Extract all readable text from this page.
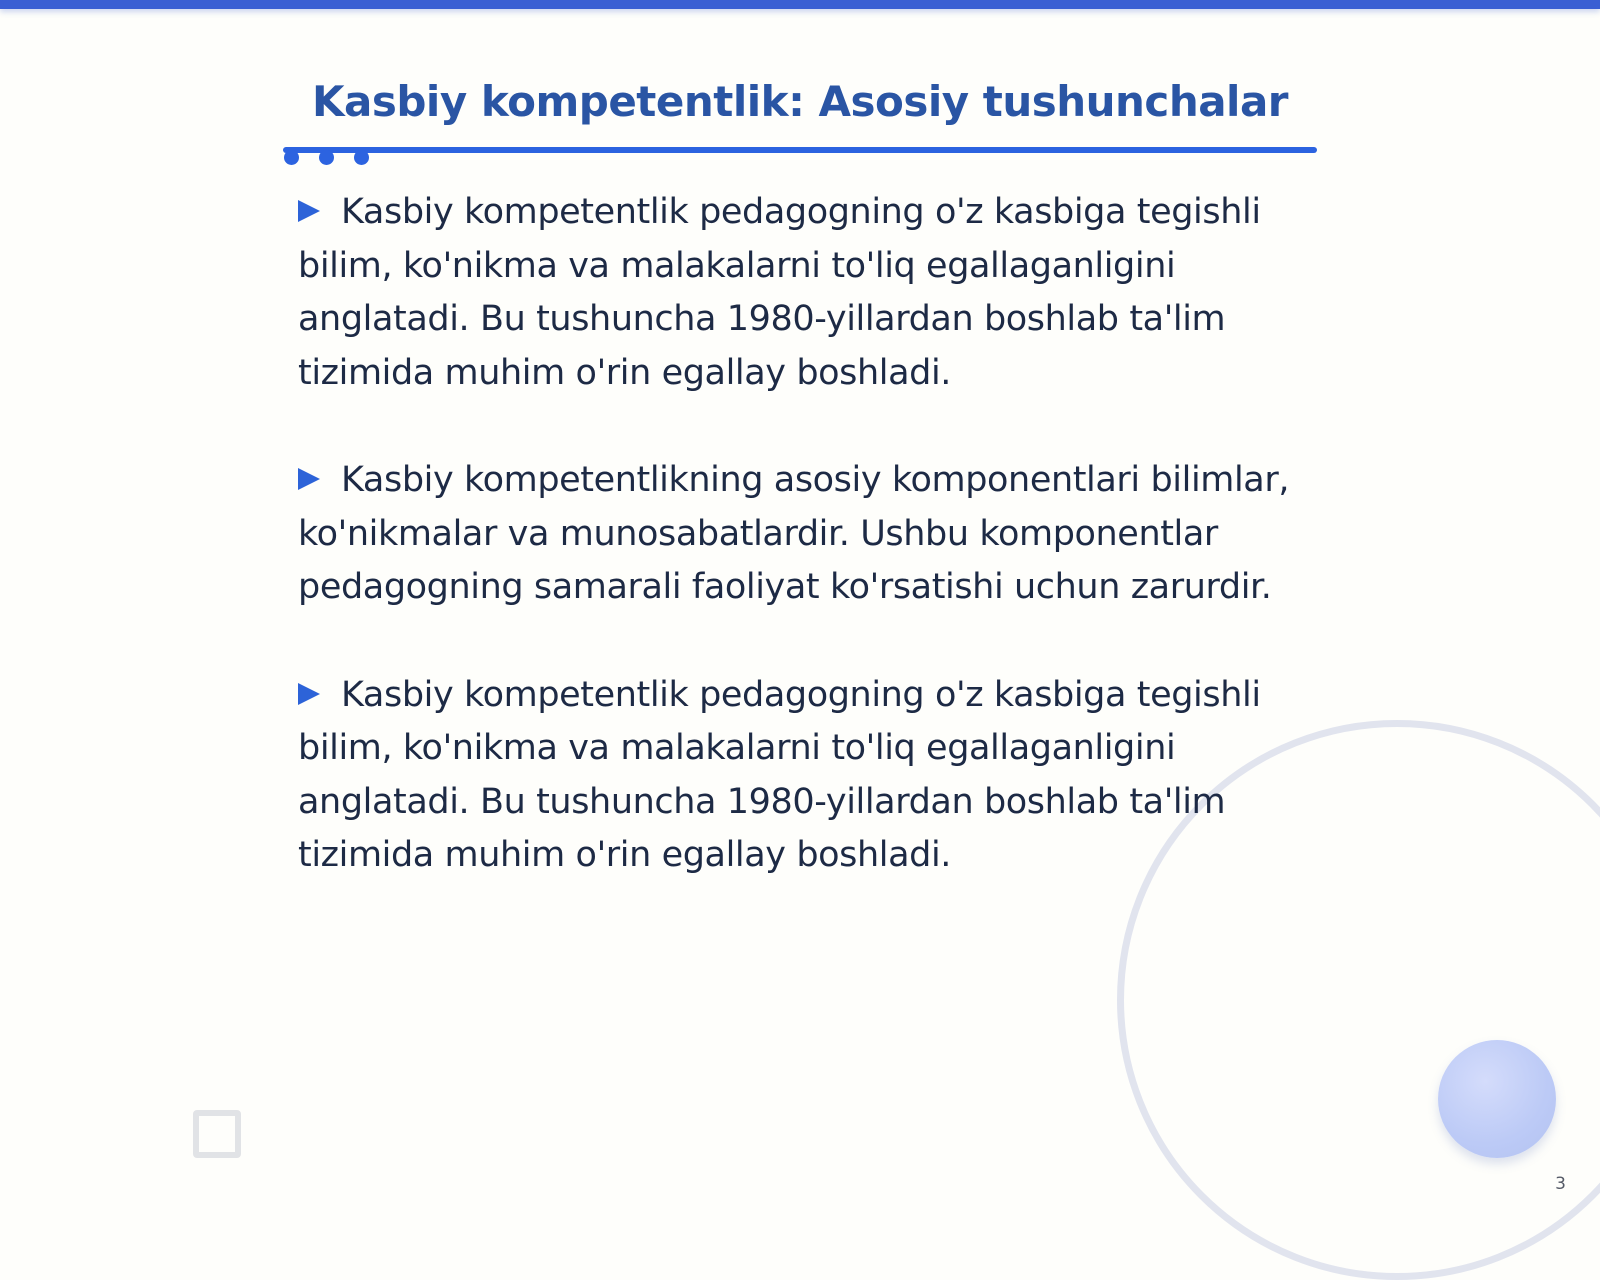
Kasbiy kompetentlik: Asosiy tushunchalar

Kasbiy kompetentlik pedagogning o'z kasbiga tegishli bilim, ko'nikma va malakalarni to'liq egallaganligini anglatadi. Bu tushuncha 1980-yillardan boshlab ta'lim tizimida muhim o'rin egallay boshladi.

Kasbiy kompetentlikning asosiy komponentlari bilimlar, ko'nikmalar va munosabatlardir. Ushbu komponentlar pedagogning samarali faoliyat ko'rsatishi uchun zarurdir.

Kasbiy kompetentlik pedagogning o'z kasbiga tegishli bilim, ko'nikma va malakalarni to'liq egallaganligini anglatadi. Bu tushuncha 1980-yillardan boshlab ta'lim tizimida muhim o'rin egallay boshladi.

3
